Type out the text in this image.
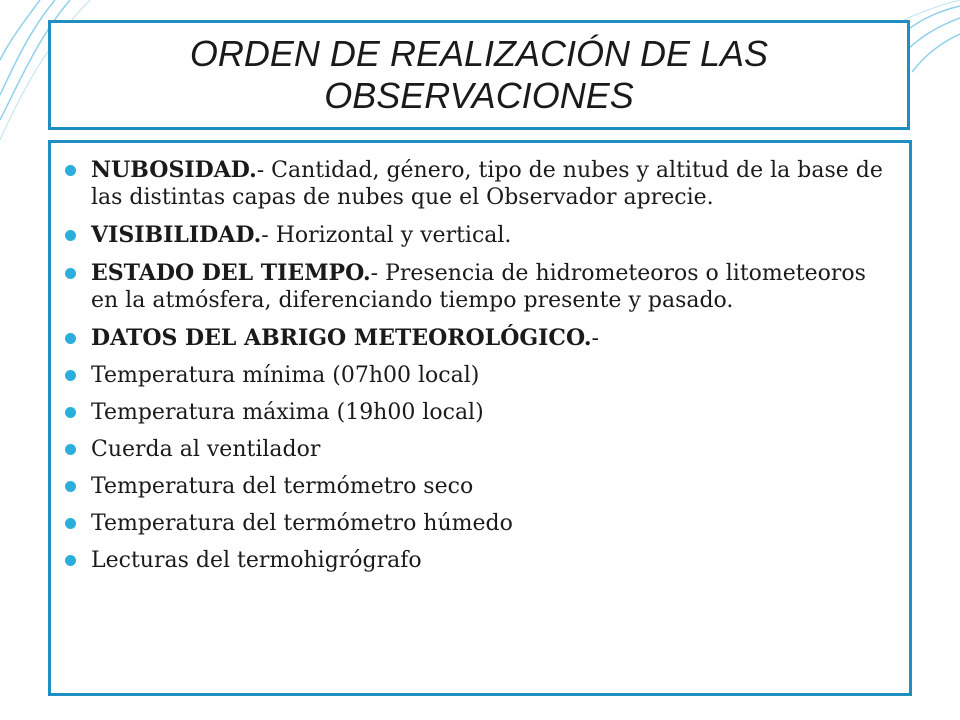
ORDEN DE REALIZACIÓN DE LAS OBSERVACIONES
NUBOSIDAD.- Cantidad, género, tipo de nubes y altitud de la base de las distintas capas de nubes que el Observador aprecie.
VISIBILIDAD.- Horizontal y vertical.
ESTADO DEL TIEMPO.- Presencia de hidrometeoros o litometeoros en la atmósfera, diferenciando tiempo presente y pasado.
DATOS DEL ABRIGO METEOROLÓGICO.-
Temperatura mínima (07h00 local)
Temperatura máxima (19h00 local)
Cuerda al ventilador
Temperatura del termómetro seco
Temperatura del termómetro húmedo
Lecturas del termohigrógrafo
